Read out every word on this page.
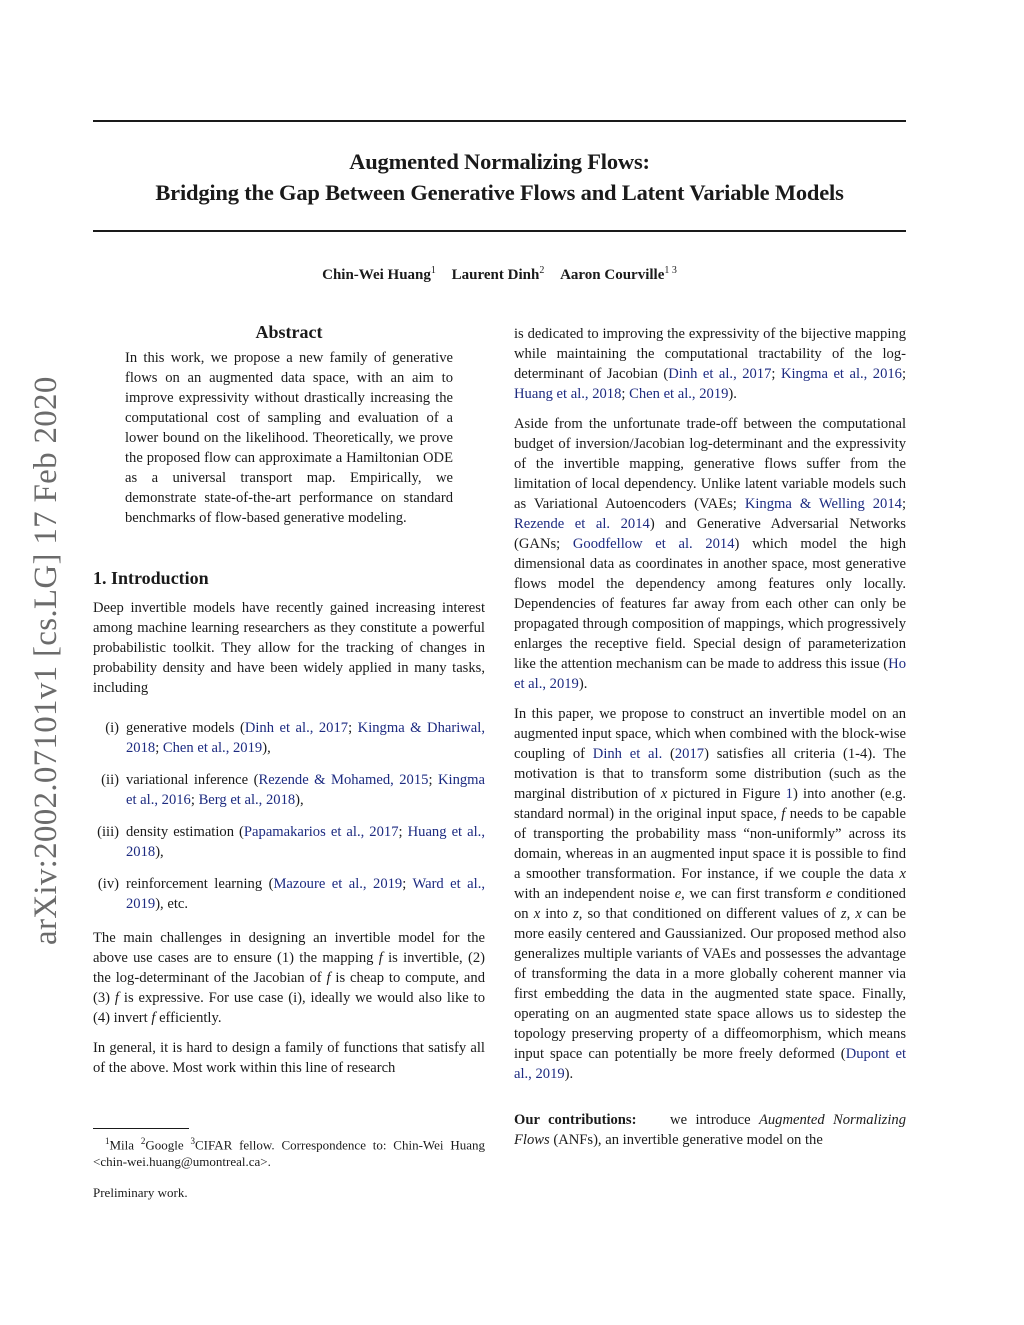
Augmented Normalizing Flows:
Bridging the Gap Between Generative Flows and Latent Variable Models
Chin-Wei Huang$^1$ Laurent Dinh$^2$ Aaron Courville$^{1 3}$
arXiv:2002.07101v1 [cs.LG] 17 Feb 2020
Abstract

In this work, we propose a new family of generative flows on an augmented data space, with an aim to improve expressivity without drastically increasing the computational cost of sampling and evaluation of a lower bound on the likelihood. Theoretically, we prove the proposed flow can approximate a Hamiltonian ODE as a universal transport map. Empirically, we demonstrate state-of-the-art performance on standard benchmarks of flow-based generative modeling.

1. Introduction

Deep invertible models have recently gained increasing interest among machine learning researchers as they constitute a powerful probabilistic toolkit. They allow for the tracking of changes in probability density and have been widely applied in many tasks, including

(i) generative models (Dinh et al., 2017; Kingma & Dhariwal, 2018; Chen et al., 2019),
(ii) variational inference (Rezende & Mohamed, 2015; Kingma et al., 2016; Berg et al., 2018),
(iii) density estimation (Papamakarios et al., 2017; Huang et al., 2018),
(iv) reinforcement learning (Mazoure et al., 2019; Ward et al., 2019), etc.

The main challenges in designing an invertible model for the above use cases are to ensure (1) the mapping f is invertible, (2) the log-determinant of the Jacobian of f is cheap to compute, and (3) f is expressive. For use case (i), ideally we would also like to (4) invert f efficiently.

In general, it is hard to design a family of functions that satisfy all of the above. Most work within this line of research

$^1$Mila $^2$Google $^3$CIFAR fellow. Correspondence to: Chin-Wei Huang <chin-wei.huang@umontreal.ca>.

Preliminary work.

is dedicated to improving the expressivity of the bijective mapping while maintaining the computational tractability of the log-determinant of Jacobian (Dinh et al., 2017; Kingma et al., 2016; Huang et al., 2018; Chen et al., 2019).

Aside from the unfortunate trade-off between the computational budget of inversion/Jacobian log-determinant and the expressivity of the invertible mapping, generative flows suffer from the limitation of local dependency. Unlike latent variable models such as Variational Autoencoders (VAEs; Kingma & Welling 2014; Rezende et al. 2014) and Generative Adversarial Networks (GANs; Goodfellow et al. 2014) which model the high dimensional data as coordinates in another space, most generative flows model the dependency among features only locally. Dependencies of features far away from each other can only be propagated through composition of mappings, which progressively enlarges the receptive field. Special design of parameterization like the attention mechanism can be made to address this issue (Ho et al., 2019).

In this paper, we propose to construct an invertible model on an augmented input space, which when combined with the block-wise coupling of Dinh et al. (2017) satisfies all criteria (1-4). The motivation is that to transform some distribution (such as the marginal distribution of x pictured in Figure 1) into another (e.g. standard normal) in the original input space, f needs to be capable of transporting the probability mass “non-uniformly” across its domain, whereas in an augmented input space it is possible to find a smoother transformation. For instance, if we couple the data x with an independent noise e, we can first transform e conditioned on x into z, so that conditioned on different values of z, x can be more easily centered and Gaussianized. Our proposed method also generalizes multiple variants of VAEs and possesses the advantage of transforming the data in a more globally coherent manner via first embedding the data in the augmented state space. Finally, operating on an augmented state space allows us to sidestep the topology preserving property of a diffeomorphism, which means input space can potentially be more freely deformed (Dupont et al., 2019).

Our contributions: we introduce Augmented Normalizing Flows (ANFs), an invertible generative model on the
